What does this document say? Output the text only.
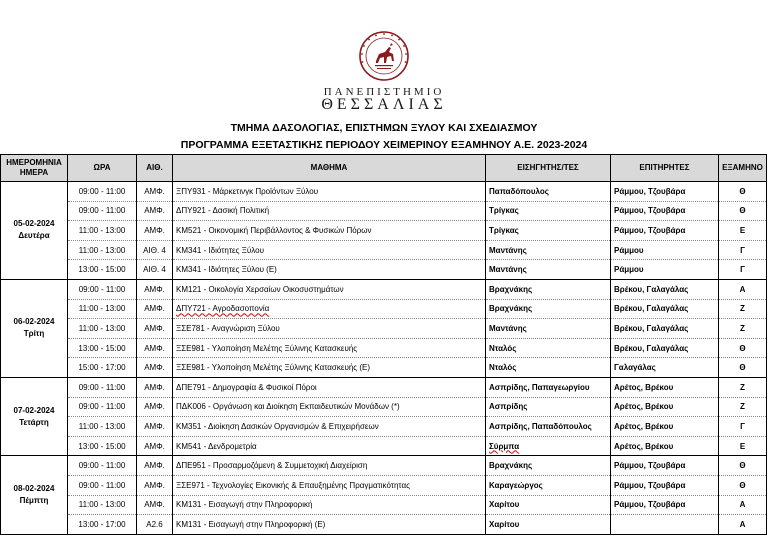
ΠΑΝΕΠΙΣΤΗΜΙΟ
ΘΕΣΣΑΛΙΑΣ
ΤΜΗΜΑ ΔΑΣΟΛΟΓΙΑΣ, ΕΠΙΣΤΗΜΩΝ ΞΥΛΟΥ ΚΑΙ ΣΧΕΔΙΑΣΜΟΥ
ΠΡΟΓΡΑΜΜΑ ΕΞΕΤΑΣΤΙΚΗΣ ΠΕΡΙΟΔΟΥ ΧΕΙΜΕΡΙΝΟΥ ΕΞΑΜΗΝΟΥ Α.Ε. 2023-2024
ΗΜΕΡΟΜΗΝΙΑ ΗΜΕΡΑ	ΩΡΑ	ΑΙΘ.	ΜΑΘΗΜΑ	ΕΙΣΗΓΗΤΗΣ/ΤΕΣ	ΕΠΙΤΗΡΗΤΕΣ	ΕΞΑΜΗΝΟ
05-02-2024
Δευτέρα	09:00 - 11:00	ΑΜΦ.	ΞΠΥ931 - Μάρκετινγκ Προϊόντων Ξύλου	Παπαδόπουλος	Ράμμου, Τζουβάρα	Θ
	09:00 - 11:00	ΑΜΦ.	ΔΠΥ921 - Δασική Πολιτική	Τρίγκας	Ράμμου, Τζουβάρα	Θ
	11:00 - 13:00	ΑΜΦ.	ΚΜ521 - Οικονομική Περιβάλλοντος & Φυσικών Πόρων	Τρίγκας	Ράμμου, Τζουβάρα	Ε
	11:00 - 13:00	ΑΙΘ. 4	ΚΜ341 - Ιδιότητες Ξύλου	Μαντάνης	Ράμμου	Γ
	13:00 - 15:00	ΑΙΘ. 4	ΚΜ341 - Ιδιότητες Ξύλου (Ε)	Μαντάνης	Ράμμου	Γ
06-02-2024
Τρίτη	09:00 - 11:00	ΑΜΦ.	ΚΜ121 - Οικολογία Χερσαίων Οικοσυστημάτων	Βραχνάκης	Βρέκου, Γαλαγάλας	Α
	11:00 - 13:00	ΑΜΦ.	ΔΠΥ721 - Αγροδασοπονία	Βραχνάκης	Βρέκου, Γαλαγάλας	Ζ
	11:00 - 13:00	ΑΜΦ.	ΞΣΕ781 - Αναγνώριση Ξύλου	Μαντάνης	Βρέκου, Γαλαγάλας	Ζ
	13:00 - 15:00	ΑΜΦ.	ΞΣΕ981 - Υλοποίηση Μελέτης Ξύλινης Κατασκευής	Νταλός	Βρέκου, Γαλαγάλας	Θ
	15:00 - 17:00	ΑΜΦ.	ΞΣΕ981 - Υλοποίηση Μελέτης Ξύλινης Κατασκευής (Ε)	Νταλός	Γαλαγάλας	Θ
07-02-2024
Τετάρτη	09:00 - 11:00	ΑΜΦ.	ΔΠΕ791 - Δημογραφία & Φυσικοί Πόροι	Ασπρίδης, Παπαγεωργίου	Αρέτος, Βρέκου	Ζ
	09:00 - 11:00	ΑΜΦ.	ΠΔΚ006 - Οργάνωση και Διοίκηση Εκπαιδευτικών Μονάδων (*)	Ασπρίδης	Αρέτος, Βρέκου	Ζ
	11:00 - 13:00	ΑΜΦ.	ΚΜ351 - Διοίκηση Δασικών Οργανισμών & Επιχειρήσεων	Ασπρίδης, Παπαδόπουλος	Αρέτος, Βρέκου	Γ
	13:00 - 15:00	ΑΜΦ.	ΚΜ541 - Δενδρομετρία	Σύρμπα	Αρέτος, Βρέκου	Ε
08-02-2024
Πέμπτη	09:00 - 11:00	ΑΜΦ.	ΔΠΕ951 - Προσαρμοζόμενη & Συμμετοχική Διαχείριση	Βραχνάκης	Ράμμου, Τζουβάρα	Θ
	09:00 - 11:00	ΑΜΦ.	ΞΣΕ971 - Τεχνολογίες Εικονικής & Επαυξημένης Πραγματικότητας	Καραγεώργος	Ράμμου, Τζουβάρα	Θ
	11:00 - 13:00	ΑΜΦ.	ΚΜ131 - Εισαγωγή στην Πληροφορική	Χαρίτου	Ράμμου, Τζουβάρα	Α
	13:00 - 17:00	Α2.6	ΚΜ131 - Εισαγωγή στην Πληροφορική (Ε)	Χαρίτου		Α
